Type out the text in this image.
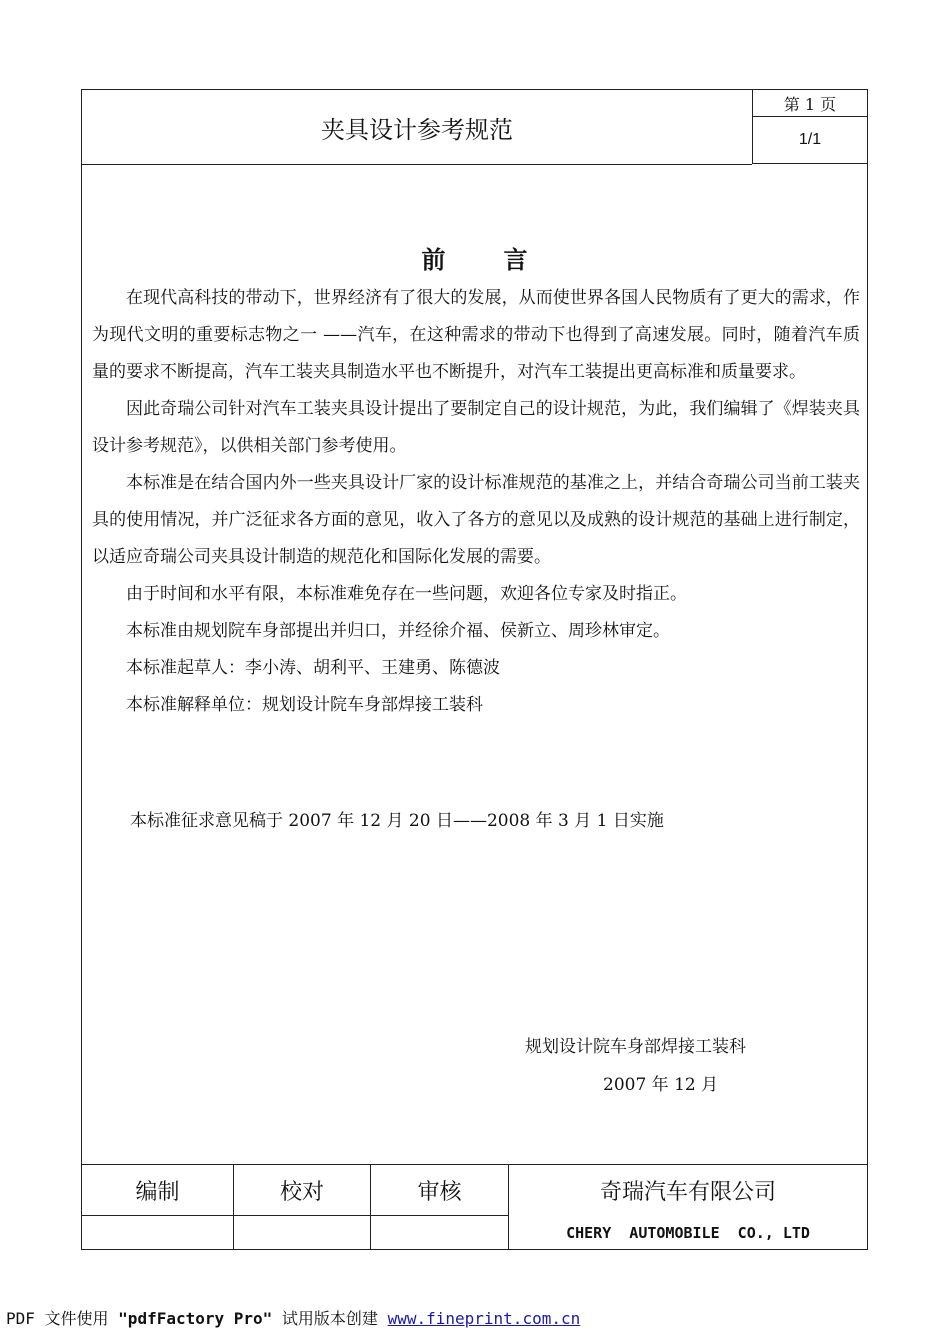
夹具设计参考规范
第 1 页
1/1
前言

在现代高科技的带动下，世界经济有了很大的发展，从而使世界各国人民物质有了更大的需求，作为现代文明的重要标志物之一 ——汽车，在这种需求的带动下也得到了高速发展。同时，随着汽车质量的要求不断提高，汽车工装夹具制造水平也不断提升，对汽车工装提出更高标准和质量要求。

因此奇瑞公司针对汽车工装夹具设计提出了要制定自己的设计规范，为此，我们编辑了《焊装夹具设计参考规范》，以供相关部门参考使用。

本标准是在结合国内外一些夹具设计厂家的设计标准规范的基准之上，并结合奇瑞公司当前工装夹具的使用情况，并广泛征求各方面的意见，收入了各方的意见以及成熟的设计规范的基础上进行制定，以适应奇瑞公司夹具设计制造的规范化和国际化发展的需要。

由于时间和水平有限，本标准难免存在一些问题，欢迎各位专家及时指正。

本标准由规划院车身部提出并归口，并经徐介福、侯新立、周珍林审定。

本标准起草人：李小涛、胡利平、王建勇、陈德波

本标准解释单位：规划设计院车身部焊接工装科

本标准征求意见稿于 2007 年 12 月 20 日——2008 年 3 月 1 日实施
规划设计院车身部焊接工装科
2007 年 12 月
编制	校对	审核	奇瑞汽车有限公司
CHERY  AUTOMOBILE  CO., LTD
PDF 文件使用 "pdfFactory Pro" 试用版本创建 www.fineprint.com.cn
